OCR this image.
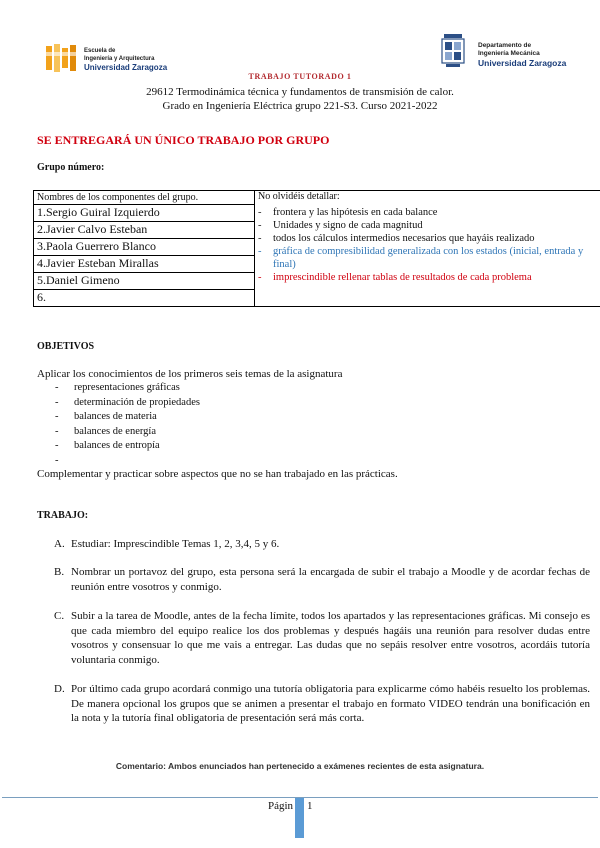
Escuela de
Ingeniería y Arquitectura
Universidad Zaragoza
Departamento de
Ingeniería Mecánica
Universidad Zaragoza
TRABAJO TUTORADO 1
29612 Termodinámica técnica y fundamentos de transmisión de calor.
Grado en Ingeniería Eléctrica grupo 221-S3. Curso 2021-2022
SE ENTREGARÁ UN ÚNICO TRABAJO POR GRUPO
Grupo número:
Nombres de los componentes del grupo.	No olvidéis detallar:
- frontera y las hipótesis en cada balance
- Unidades y signo de cada magnitud
- todos los cálculos intermedios necesarios que hayáis realizado
- gráfica de compresibilidad generalizada con los estados (inicial, entrada y final)
- imprescindible rellenar tablas de resultados de cada problema

1.Sergio Guiral Izquierdo
2.Javier Calvo Esteban
3.Paola Guerrero Blanco
4.Javier Esteban Mirallas
5.Daniel Gimeno
6.
OBJETIVOS
Aplicar los conocimientos de los primeros seis temas de la asignatura
- representaciones gráficas
- determinación de propiedades
- balances de materia
- balances de energía
- balances de entropía
-
Complementar y practicar sobre aspectos que no se han trabajado en las prácticas.
TRABAJO:
A. Estudiar: Imprescindible Temas 1, 2, 3,4, 5 y 6.
B. Nombrar un portavoz del grupo, esta persona será la encargada de subir el trabajo a Moodle y de acordar fechas de reunión entre vosotros y conmigo.
C. Subir a la tarea de Moodle, antes de la fecha límite, todos los apartados y las representaciones gráficas. Mi consejo es que cada miembro del equipo realice los dos problemas y después hagáis una reunión para resolver dudas entre vosotros y consensuar lo que me vais a entregar. Las dudas que no sepáis resolver entre vosotros, acordáis tutoría voluntaria conmigo.
D. Por último cada grupo acordará conmigo una tutoría obligatoria para explicarme cómo habéis resuelto los problemas. De manera opcional los grupos que se animen a presentar el trabajo en formato VIDEO tendrán una bonificación en la nota y la tutoría final obligatoria de presentación será más corta.
Comentario: Ambos enunciados han pertenecido a exámenes recientes de esta asignatura.
Págin 1
